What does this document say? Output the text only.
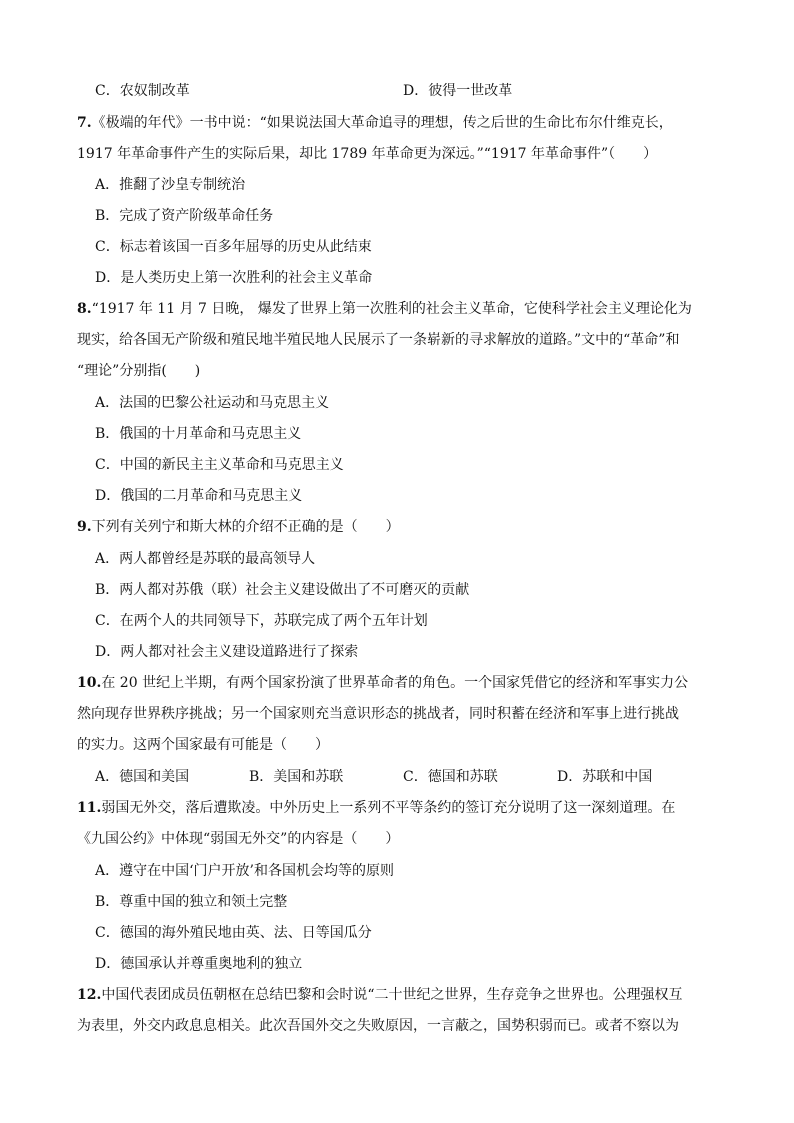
C．农奴制改革	D．彼得一世改革
7.《极端的年代》一书中说：“如果说法国大革命追寻的理想，传之后世的生命比布尔什维克长，
1917 年革命事件产生的实际后果，却比 1789 年革命更为深远。”“1917 年革命事件”（　　）
A．推翻了沙皇专制统治
B．完成了资产阶级革命任务
C．标志着该国一百多年屈辱的历史从此结束
D．是人类历史上第一次胜利的社会主义革命
8.“1917 年 11 月 7 日晚， 爆发了世界上第一次胜利的社会主义革命，它使科学社会主义理论化为
现实，给各国无产阶级和殖民地半殖民地人民展示了一条崭新的寻求解放的道路。”文中的“革命”和
“理论”分别指(　　)
A．法国的巴黎公社运动和马克思主义
B．俄国的十月革命和马克思主义
C．中国的新民主主义革命和马克思主义
D．俄国的二月革命和马克思主义
9.下列有关列宁和斯大林的介绍不正确的是（　　）
A．两人都曾经是苏联的最高领导人
B．两人都对苏俄（联）社会主义建设做出了不可磨灭的贡献
C．在两个人的共同领导下，苏联完成了两个五年计划
D．两人都对社会主义建设道路进行了探索
10.在 20 世纪上半期，有两个国家扮演了世界革命者的角色。一个国家凭借它的经济和军事实力公
然向现存世界秩序挑战；另一个国家则充当意识形态的挑战者，同时积蓄在经济和军事上进行挑战
的实力。这两个国家最有可能是（　　）
A．德国和美国	B．美国和苏联	C．德国和苏联	D．苏联和中国
11.弱国无外交，落后遭欺凌。中外历史上一系列不平等条约的签订充分说明了这一深刻道理。在
《九国公约》中体现“弱国无外交”的内容是（　　）
A．遵守在中国‘门户开放’和各国机会均等的原则
B．尊重中国的独立和领土完整
C．德国的海外殖民地由英、法、日等国瓜分
D．德国承认并尊重奥地利的独立
12.中国代表团成员伍朝枢在总结巴黎和会时说“二十世纪之世界，生存竞争之世界也。公理强权互
为表里，外交内政息息相关。此次吾国外交之失败原因，一言蔽之，国势积弱而已。或者不察以为
